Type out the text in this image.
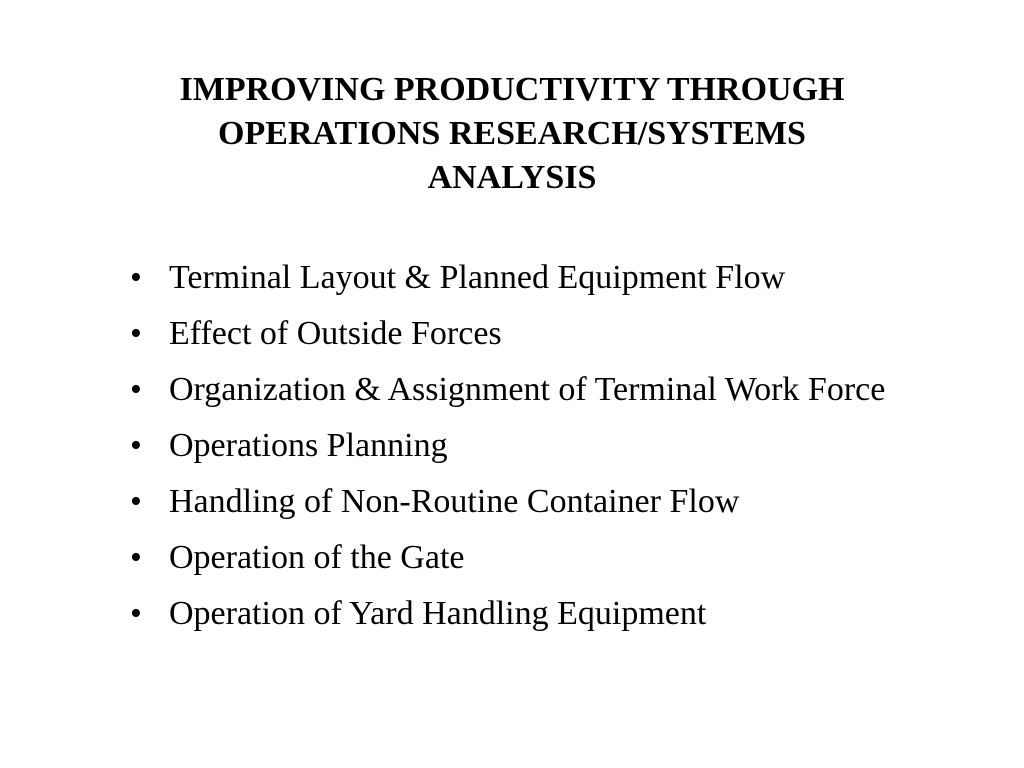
IMPROVING PRODUCTIVITY THROUGH
OPERATIONS RESEARCH/SYSTEMS
ANALYSIS
• Terminal Layout & Planned Equipment Flow
• Effect of Outside Forces
• Organization & Assignment of Terminal Work Force
• Operations Planning
• Handling of Non-Routine Container Flow
• Operation of the Gate
• Operation of Yard Handling Equipment
